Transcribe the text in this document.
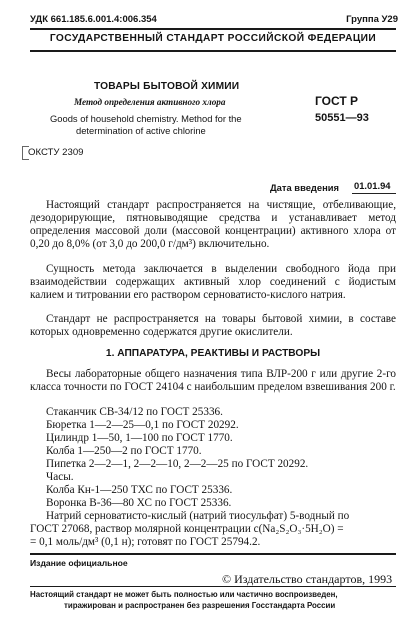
УДК 661.185.6.001.4:006.354	Группа У29
ГОСУДАРСТВЕННЫЙ СТАНДАРТ РОССИЙСКОЙ ФЕДЕРАЦИИ
ТОВАРЫ БЫТОВОЙ ХИМИИ
Метод определения активного хлора
Goods of household chemistry. Method for the
determination of active chlorine
ГОСТ Р
50551—93
ОКСТУ 2309
Дата введения 01.01.94
Настоящий стандарт распространяется на чистящие, отбеливающие, дезодорирующие, пятновыводящие средства и устанавливает метод определения массовой доли (массовой концентрации) активного хлора от 0,20 до 8,0% (от 3,0 до 200,0 г/дм³) включительно.
Сущность метода заключается в выделении свободного йода при взаимодействии содержащих активный хлор соединений с йодистым калием и титровании его раствором серноватисто-кислого натрия.
Стандарт не распространяется на товары бытовой химии, в составе которых одновременно содержатся другие окислители.
1. АППАРАТУРА, РЕАКТИВЫ И РАСТВОРЫ
Весы лабораторные общего назначения типа ВЛР-200 г или другие 2-го класса точности по ГОСТ 24104 с наибольшим пределом взвешивания 200 г.
Стаканчик СВ-34/12 по ГОСТ 25336.
Бюретка 1—2—25—0,1 по ГОСТ 20292.
Цилиндр 1—50, 1—100 по ГОСТ 1770.
Колба 1—250—2 по ГОСТ 1770.
Пипетка 2—2—1, 2—2—10, 2—2—25 по ГОСТ 20292.
Часы.
Колба Кн-1—250 ТХС по ГОСТ 25336.
Воронка В-36—80 ХС по ГОСТ 25336.
Натрий серноватисто-кислый (натрий тиосульфат) 5-водный по
ГОСТ 27068, раствор молярной концентрации c(Na₂S₂O₃·5H₂O) =
= 0,1 моль/дм³ (0,1 н); готовят по ГОСТ 25794.2.
Издание официальное
© Издательство стандартов, 1993
Настоящий стандарт не может быть полностью или частично воспроизведен,
тиражирован и распространен без разрешения Госстандарта России
